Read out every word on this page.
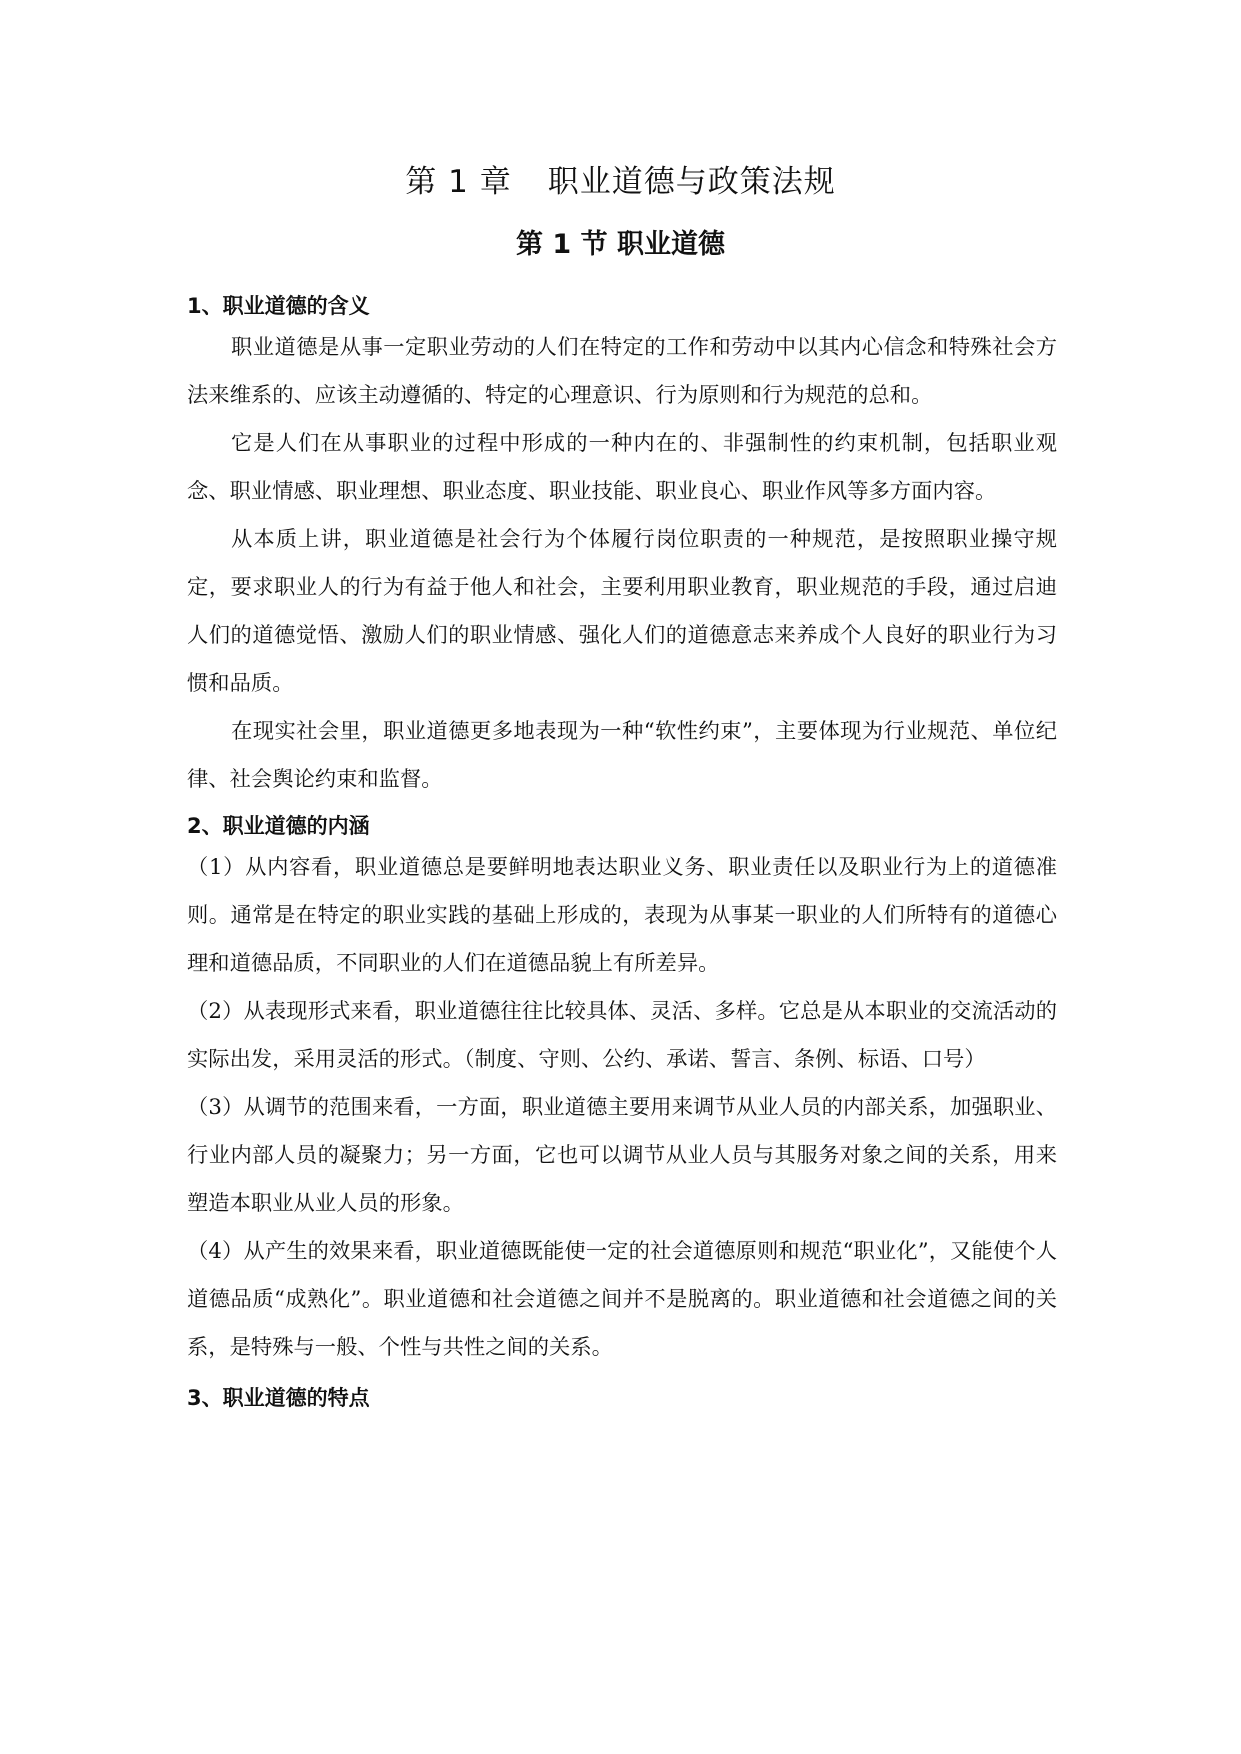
第 1 章 职业道德与政策法规
第 1 节 职业道德

1、职业道德的含义

职业道德是从事一定职业劳动的人们在特定的工作和劳动中以其内心信念和特殊社会方法来维系的、应该主动遵循的、特定的心理意识、行为原则和行为规范的总和。

它是人们在从事职业的过程中形成的一种内在的、非强制性的约束机制，包括职业观念、职业情感、职业理想、职业态度、职业技能、职业良心、职业作风等多方面内容。

从本质上讲，职业道德是社会行为个体履行岗位职责的一种规范，是按照职业操守规定，要求职业人的行为有益于他人和社会，主要利用职业教育，职业规范的手段，通过启迪人们的道德觉悟、激励人们的职业情感、强化人们的道德意志来养成个人良好的职业行为习惯和品质。

在现实社会里，职业道德更多地表现为一种“软性约束”，主要体现为行业规范、单位纪律、社会舆论约束和监督。

2、职业道德的内涵

（1）从内容看，职业道德总是要鲜明地表达职业义务、职业责任以及职业行为上的道德准则。通常是在特定的职业实践的基础上形成的，表现为从事某一职业的人们所特有的道德心理和道德品质，不同职业的人们在道德品貌上有所差异。

（2）从表现形式来看，职业道德往往比较具体、灵活、多样。它总是从本职业的交流活动的实际出发，采用灵活的形式。（制度、守则、公约、承诺、誓言、条例、标语、口号）

（3）从调节的范围来看，一方面，职业道德主要用来调节从业人员的内部关系，加强职业、行业内部人员的凝聚力；另一方面，它也可以调节从业人员与其服务对象之间的关系，用来塑造本职业从业人员的形象。

（4）从产生的效果来看，职业道德既能使一定的社会道德原则和规范“职业化”，又能使个人道德品质“成熟化”。职业道德和社会道德之间并不是脱离的。职业道德和社会道德之间的关系，是特殊与一般、个性与共性之间的关系。

3、职业道德的特点
